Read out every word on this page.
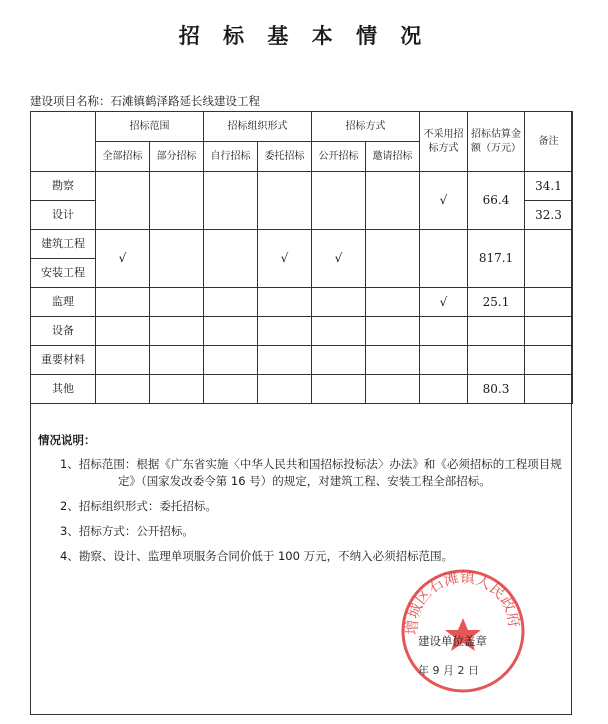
招 标 基 本 情 况
建设项目名称：石滩镇鹤泽路延长线建设工程
	招标范围		招标组织形式		招标方式		不采用招标方式	招标估算金额（万元）	备注
	全部招标	部分招标	自行招标	委托招标	公开招标	邀请招标			
勘察							√	66.4	34.1
设计									32.3
建筑工程	√			√	√			817.1	
安装工程									
监理							√	25.1	
设备									
重要材料									
其他								80.3	
情况说明：
1、招标范围：根据《广东省实施〈中华人民共和国招标投标法〉办法》和《必须招标的工程项目规
定》（国家发改委令第 16 号）的规定，对建筑工程、安装工程全部招标。
2、招标组织形式：委托招标。
3、招标方式：公开招标。
4、勘察、设计、监理单项服务合同价低于 100 万元，不纳入必须招标范围。
增城区石滩镇人民政府
建设单位盖章
年 9 月 2 日
